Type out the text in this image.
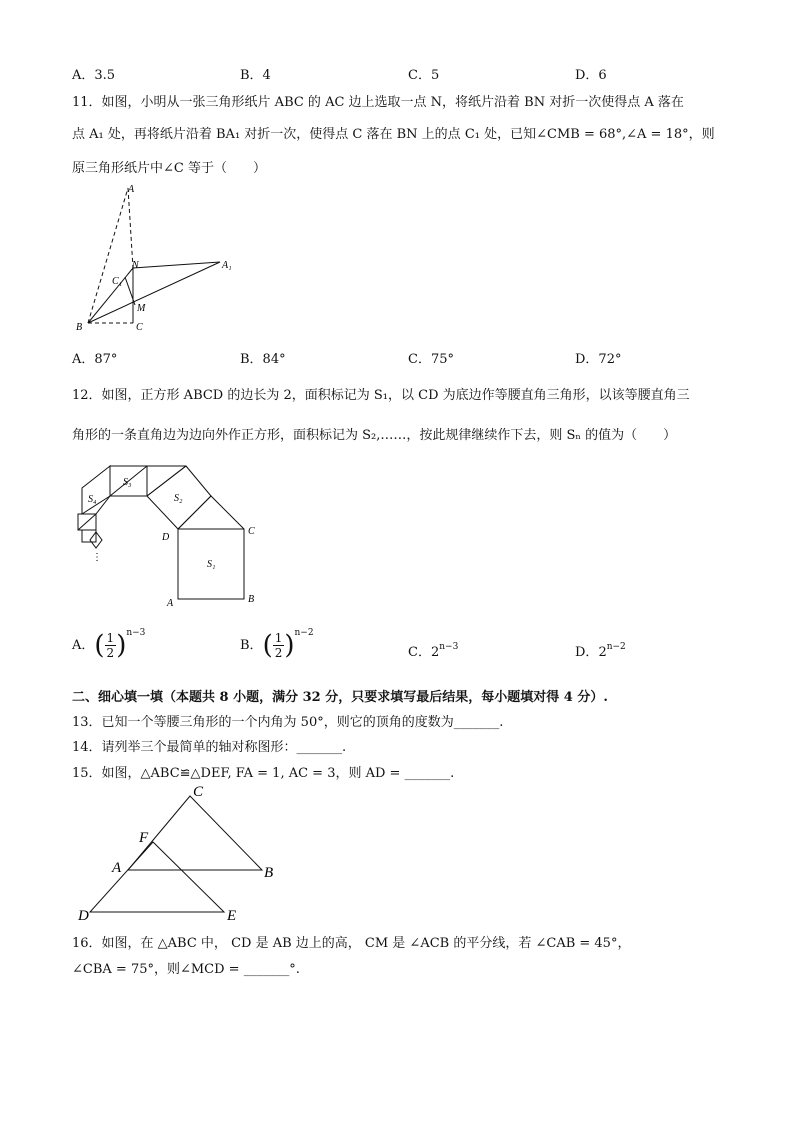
A．3.5	B．4	C．5	D．6
11．如图，小明从一张三角形纸片 ABC 的 AC 边上选取一点 N，将纸片沿着 BN 对折一次使得点 A 落在
点 A₁ 处，再将纸片沿着 BA₁ 对折一次，使得点 C 落在 BN 上的点 C₁ 处，已知∠CMB = 68°,∠A = 18°，则
原三角形纸片中∠C 等于（　　）
A
N
C₁
A₁
M
B	C
A．87°	B．84°	C．75°	D．72°
12．如图，正方形 ABCD 的边长为 2，面积标记为 S₁，以 CD 为底边作等腰直角三角形，以该等腰直角三
角形的一条直角边为边向外作正方形，面积标记为 S₂,……，按此规律继续作下去，则 Sₙ 的值为（　　）
⋮
S₃
S₂
S₄
S₁
D
C
A	B
A．( $\frac{1}{2} )^{n-3}$
B．( $\frac{1}{2} )^{n-2}$
C．$2^{n-3}$	D．$2^{n-2}$
二、细心填一填（本题共 8 小题，满分 32 分，只要求填写最后结果，每小题填对得 4 分）.
13．已知一个等腰三角形的一个内角为 50°，则它的顶角的度数为_______.
14．请列举三个最简单的轴对称图形：_______.
15．如图，△ABC≌△DEF, FA = 1, AC = 3，则 AD = _______.
C
F
A	B
D	E
16．如图，在 △ABC 中， CD 是 AB 边上的高， CM 是 ∠ACB 的平分线，若 ∠CAB = 45°，
∠CBA = 75°，则∠MCD = _______°.
